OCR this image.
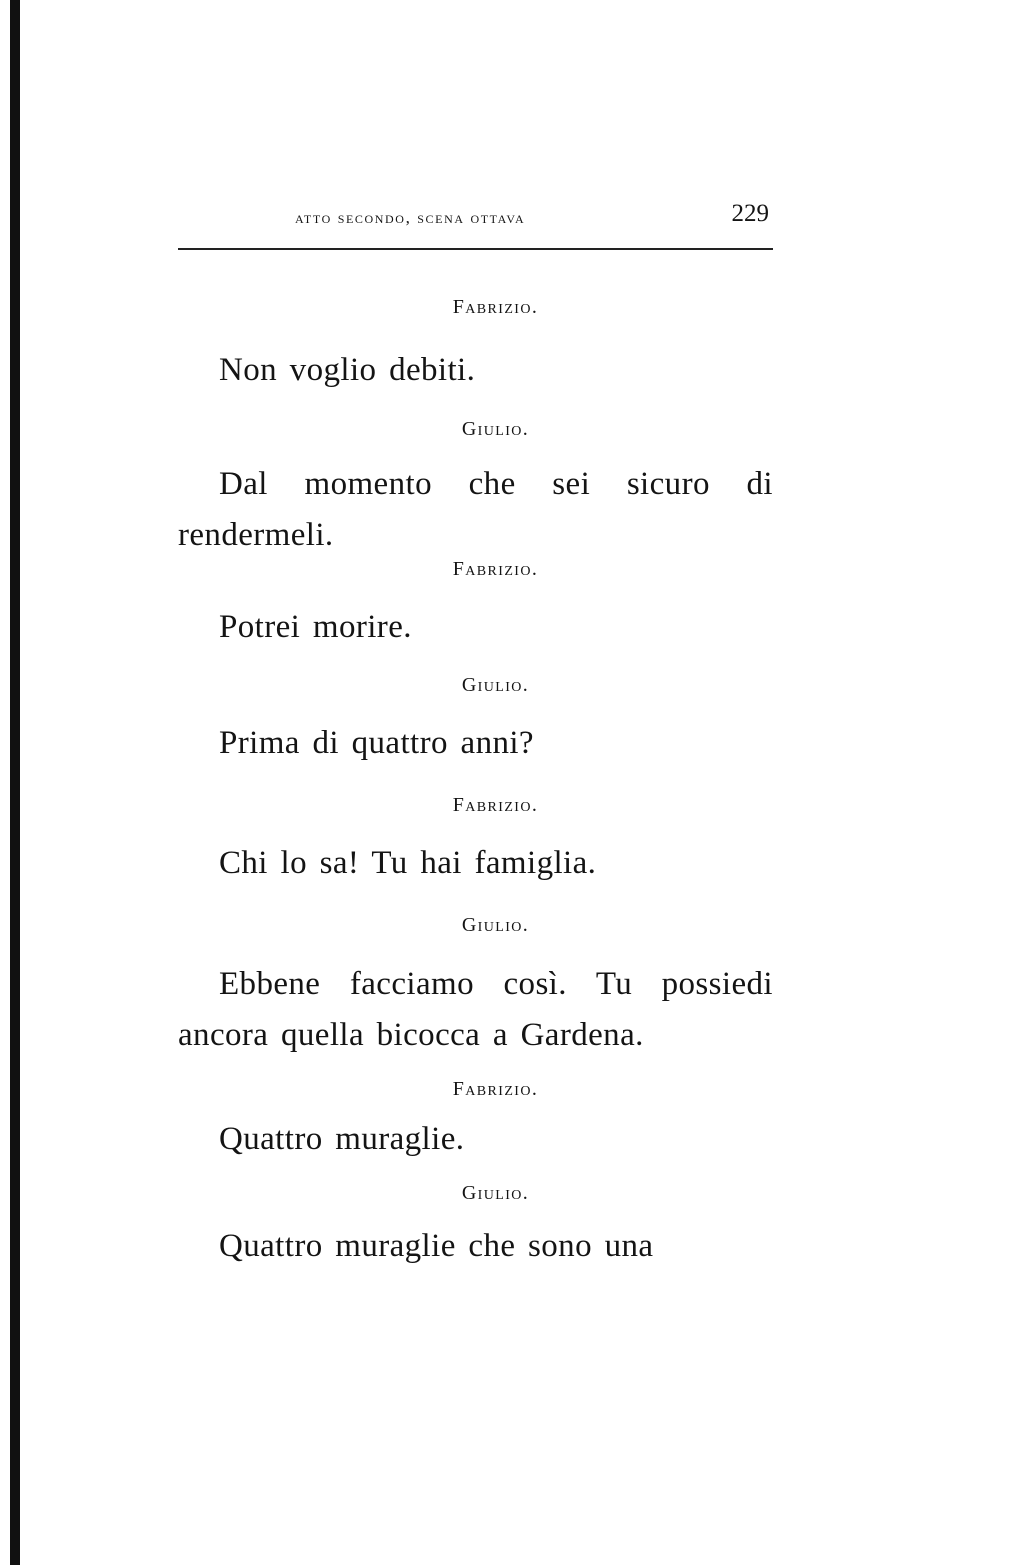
atto secondo, scena ottava	229
Fabrizio.
Non voglio debiti.
Giulio.
Dal momento che sei sicuro di rendermeli.
Fabrizio.
Potrei morire.
Giulio.
Prima di quattro anni?
Fabrizio.
Chi lo sa! Tu hai famiglia.
Giulio.
Ebbene facciamo così. Tu possiedi ancora quella bicocca a Gardena.
Fabrizio.
Quattro muraglie.
Giulio.
Quattro muraglie che sono una
